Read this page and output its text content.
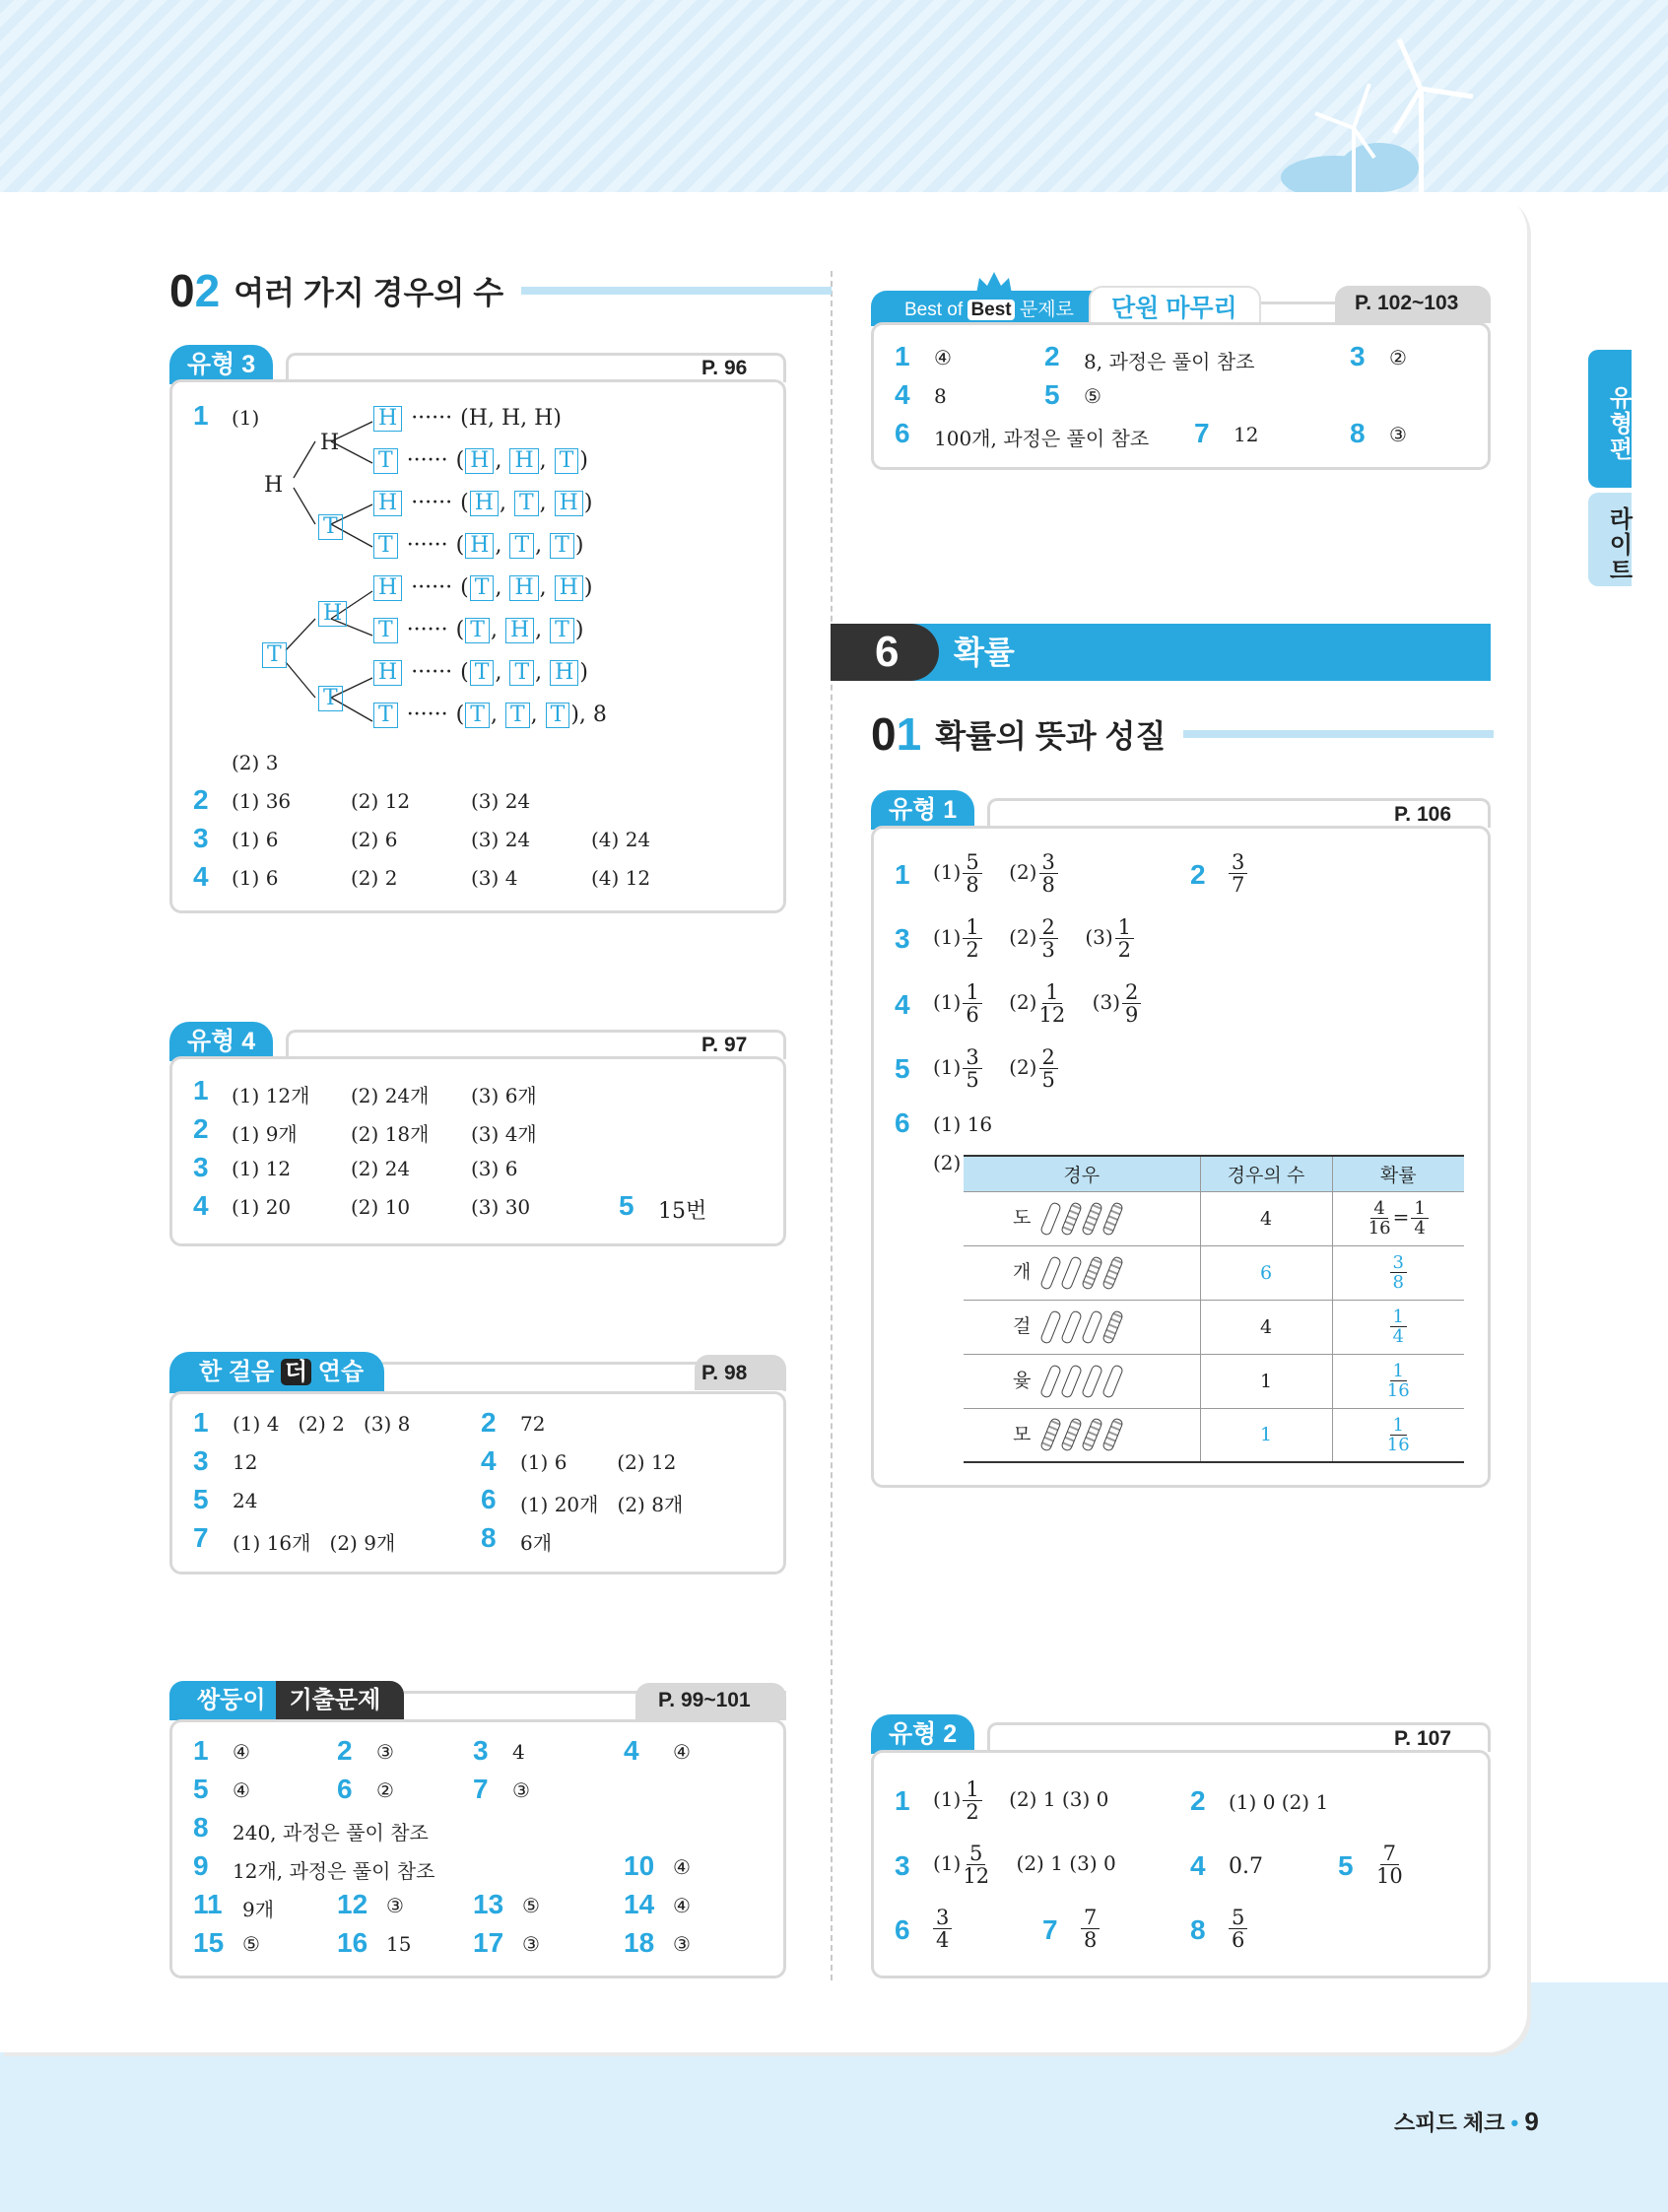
유형편
라이트
02 여러 가지 경우의 수
유형 3	P. 96
1 (1)
H
H
T
T
H
T
H ······ (H, H, H)
T ······ ( H , H , T )
H ······ ( H , T , H )
T ······ ( H , T , T )
H ······ ( T , H , H )
T ······ ( T , H , T )
H ······ ( T , T , H )
T ······ ( T , T , T ), 8
(2) 3
2 (1) 36	(2) 12	(3) 24
3 (1) 6	(2) 6	(3) 24	(4) 24
4 (1) 6	(2) 2	(3) 4	(4) 12
유형 4	P. 97
1 (1) 12개 (2) 24개 (3) 6개
2 (1) 9개	(2) 18개 (3) 4개
3 (1) 12	(2) 24	(3) 6
4 (1) 20	(2) 10	(3) 30	5 15번
한 걸음 더 연습	P. 98
1 (1) 4   (2) 2   (3) 8	2 72
3 12	4 (1) 6        (2) 12
5 24	6 (1) 20개   (2) 8개
7 (1) 16개   (2) 9개	8 6개
쌍둥이	기출문제	P. 99~101
1 ④	2 ③	3 4	4 ④
5 ④	6 ②	7 ③
8 240, 과정은 풀이 참조
9 12개, 과정은 풀이 참조	10 ④
11 9개 12 ③	13 ⑤	14 ④
15 ⑤	16 15 17 ③	18 ③
Best of Best 문제로 단원 마무리	P. 102~103
1 ④	2 8, 과정은 풀이 참조	3 ②
4 8	5 ⑤
6 100개, 과정은 풀이 참조 7 12	8 ③
6	확률
01 확률의 뜻과 성질
유형 1	P. 106
1 $(1) \frac{5}{8} (2) \frac{3}{8}$	$2 \frac{3}{7}$
3 $(1) \frac{1}{2} (2) \frac{2}{3} (3) \frac{1}{2}$
4 $(1) \frac{1}{6} (2) \frac{1}{12} (3) \frac{2}{9}$
5 $(1) \frac{3}{5} (2) \frac{2}{5}$
6 (1) 16
(2)
경우	경우의 수	확률
도	4	$\frac{4}{16} = \frac{1}{4}$

개	6	$\frac{3}{8}$

걸	4	$\frac{1}{4}$

윷	1	$\frac{1}{16}$

모	1	$\frac{1}{16}$
유형 2	P. 107
1 $(1) \frac{1}{2} (2)$ 1 (3) 0	2 (1) 0 (2) 1
3 $(1) \frac{5}{12} (2)$ 1 (3) 0	4 0.7	$5 \frac{7}{10}$
$6 \frac{3}{4}$	$7 \frac{7}{8}$	$8 \frac{5}{6}$
스피드 체크 • 9
